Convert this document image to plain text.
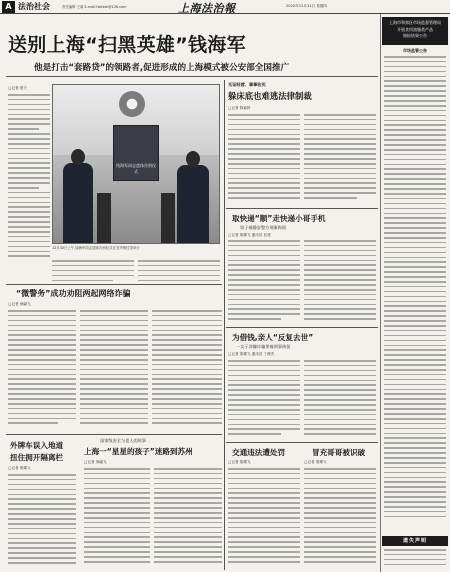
A 法治社会	责任编辑 王睿 E-mail:fzbfzsh@126.com	上海法治報	2020年12月31日 星期四
送别上海“扫黑英雄”钱海军
他是打击“套路贷”的领路者,促进形成的上海模式被公安部全国推广
□记者 夏天
钱海军同志遗体告别仪式
12月30日上午,钱海军同志遗体告别仪式在龙华殡仪馆举行
无证经营、事事收买
躲床底也难逃法律制裁
□记者 陈颖婷
取快递“顺”走快递小哥手机
男子被静安警方刑事拘留
□记者 胡蝶飞 通讯员 杜建
“微警务”成功劝阻两起网络诈骗
□记者 徐翩飞
为借钱,亲人“反复去世”
一女子涉嫌诈骗罪被刑事拘留
□记者 胡蝶飞 通讯员 丁俊杰
外牌车误入地道
扭住拥开隔离栏
□记者 胡蝶飞
国家级安全与老人的故事
上海一“星星的孩子”迷路到苏州
□记者 徐翩飞
交通违法遭处罚	冒充哥哥被识破
□记者 胡蝶飞	□记者 胡蝶飞
上海市和郊区市场监督管理局
开展食用油脂类产品
抽检结果公告
市场监管公告
遗失声明
